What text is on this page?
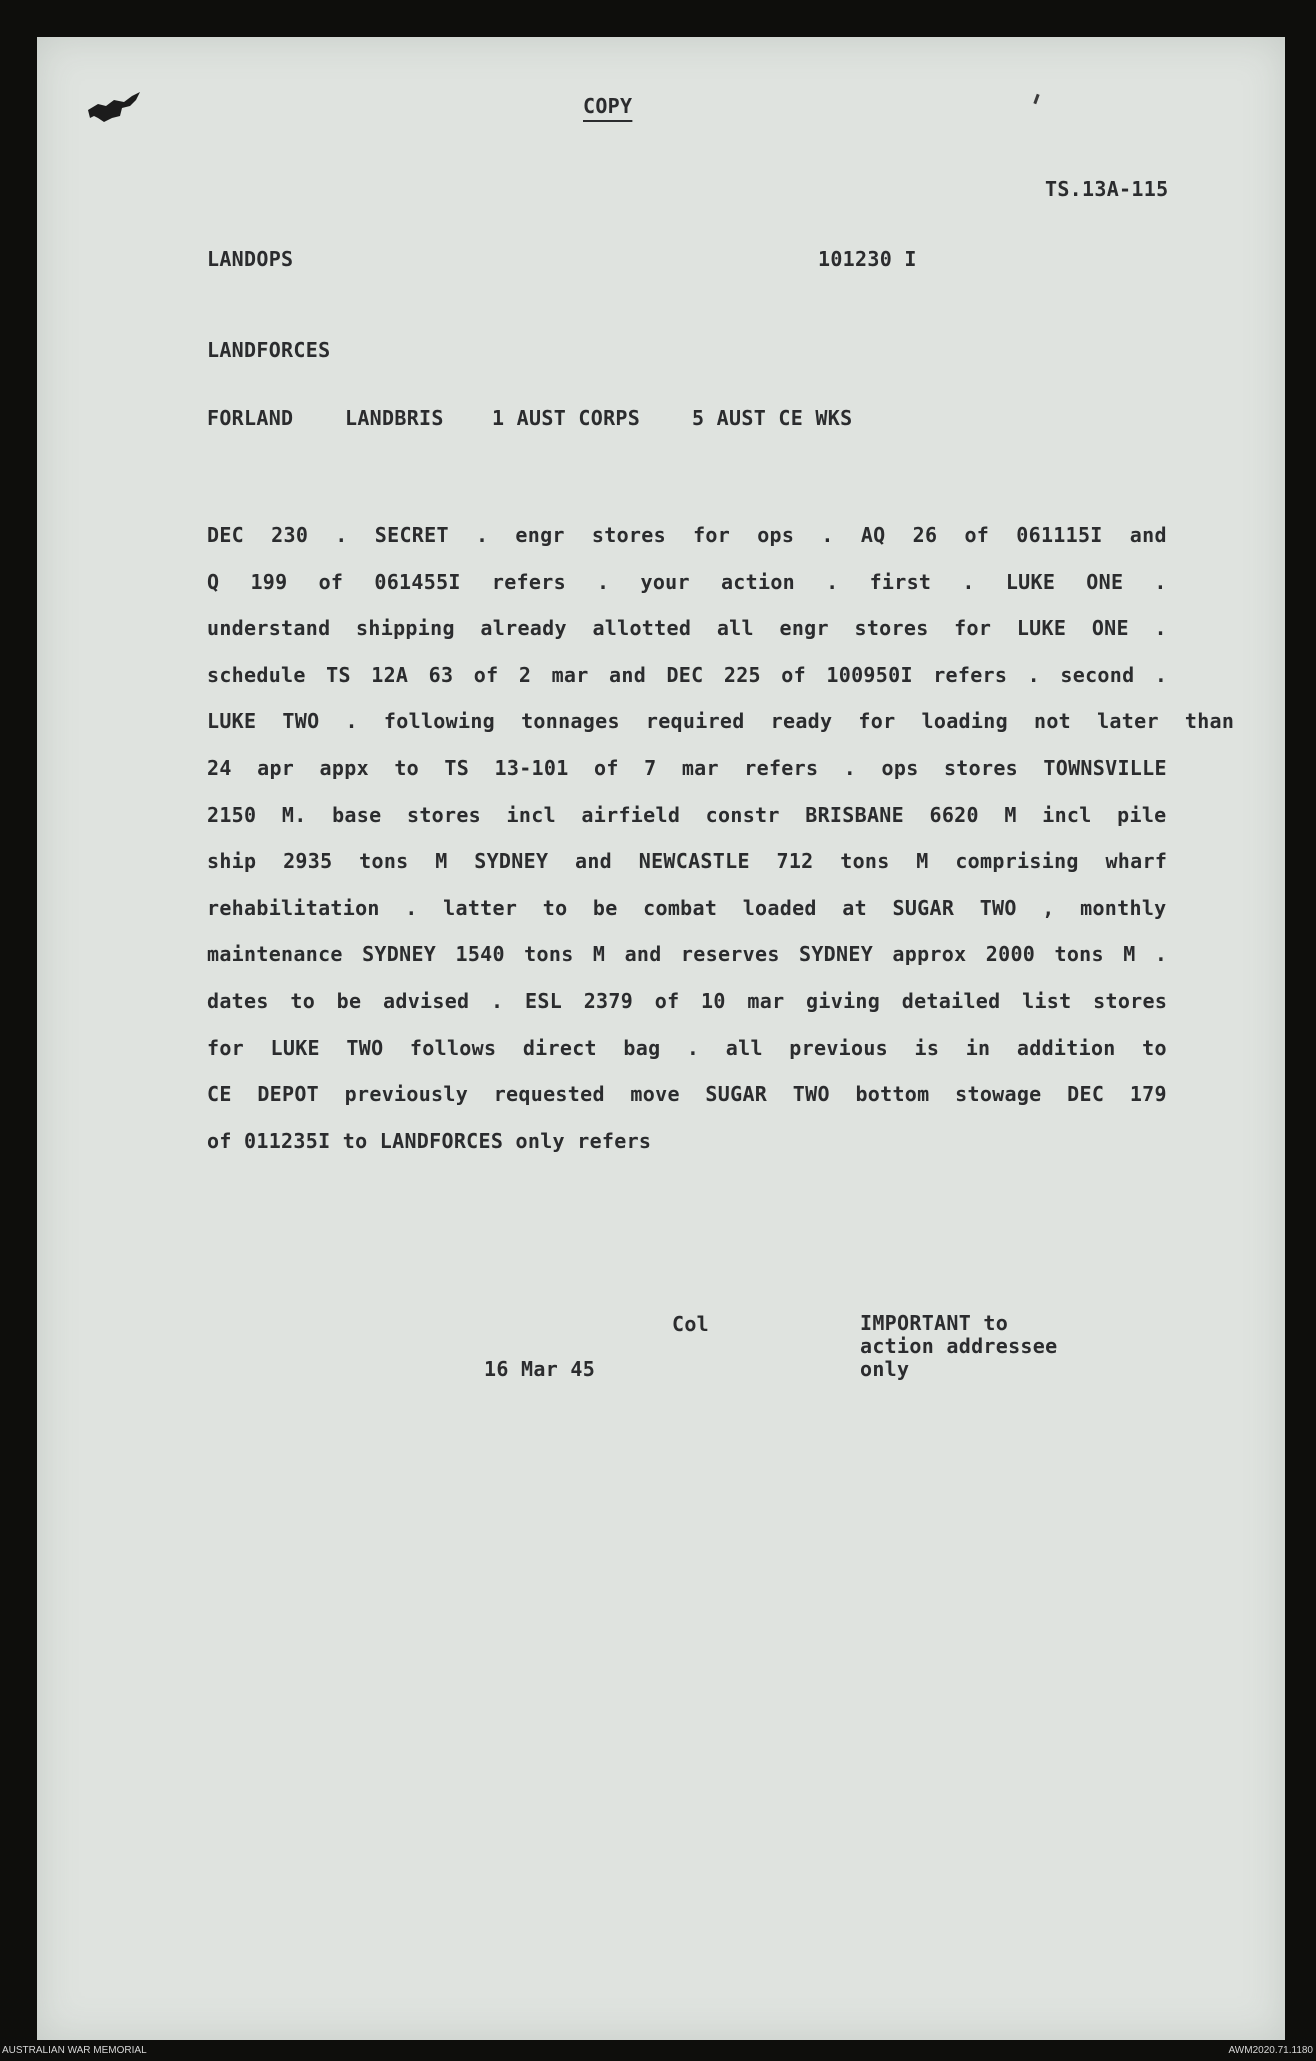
COPY
TS.13A-115
LANDOPS	101230 I
LANDFORCES
FORLAND	LANDBRIS 1 AUST CORPS	5 AUST CE WKS
DEC 230 . SECRET . engr stores for ops . AQ 26 of 061115I and
Q 199 of 061455I refers . your action . first . LUKE ONE .
understand shipping already allotted all engr stores for LUKE ONE .
schedule TS 12A 63 of 2 mar and DEC 225 of 100950I refers . second .
LUKE TWO . following tonnages required ready for loading not later than
24 apr appx to TS 13-101 of 7 mar refers . ops stores TOWNSVILLE
2150 M. base stores incl airfield constr BRISBANE 6620 M incl pile
ship 2935 tons M SYDNEY and NEWCASTLE 712 tons M comprising wharf
rehabilitation . latter to be combat loaded at SUGAR TWO , monthly
maintenance SYDNEY 1540 tons M and reserves SYDNEY approx 2000 tons M .
dates to be advised . ESL 2379 of 10 mar giving detailed list stores
for LUKE TWO follows direct bag . all previous is in addition to
CE DEPOT previously requested move SUGAR TWO bottom stowage DEC 179
of 011235I to LANDFORCES only refers
Col
16 Mar 45
IMPORTANT to
action addressee
only
AUSTRALIAN WAR MEMORIAL	AWM2020.71.1180
